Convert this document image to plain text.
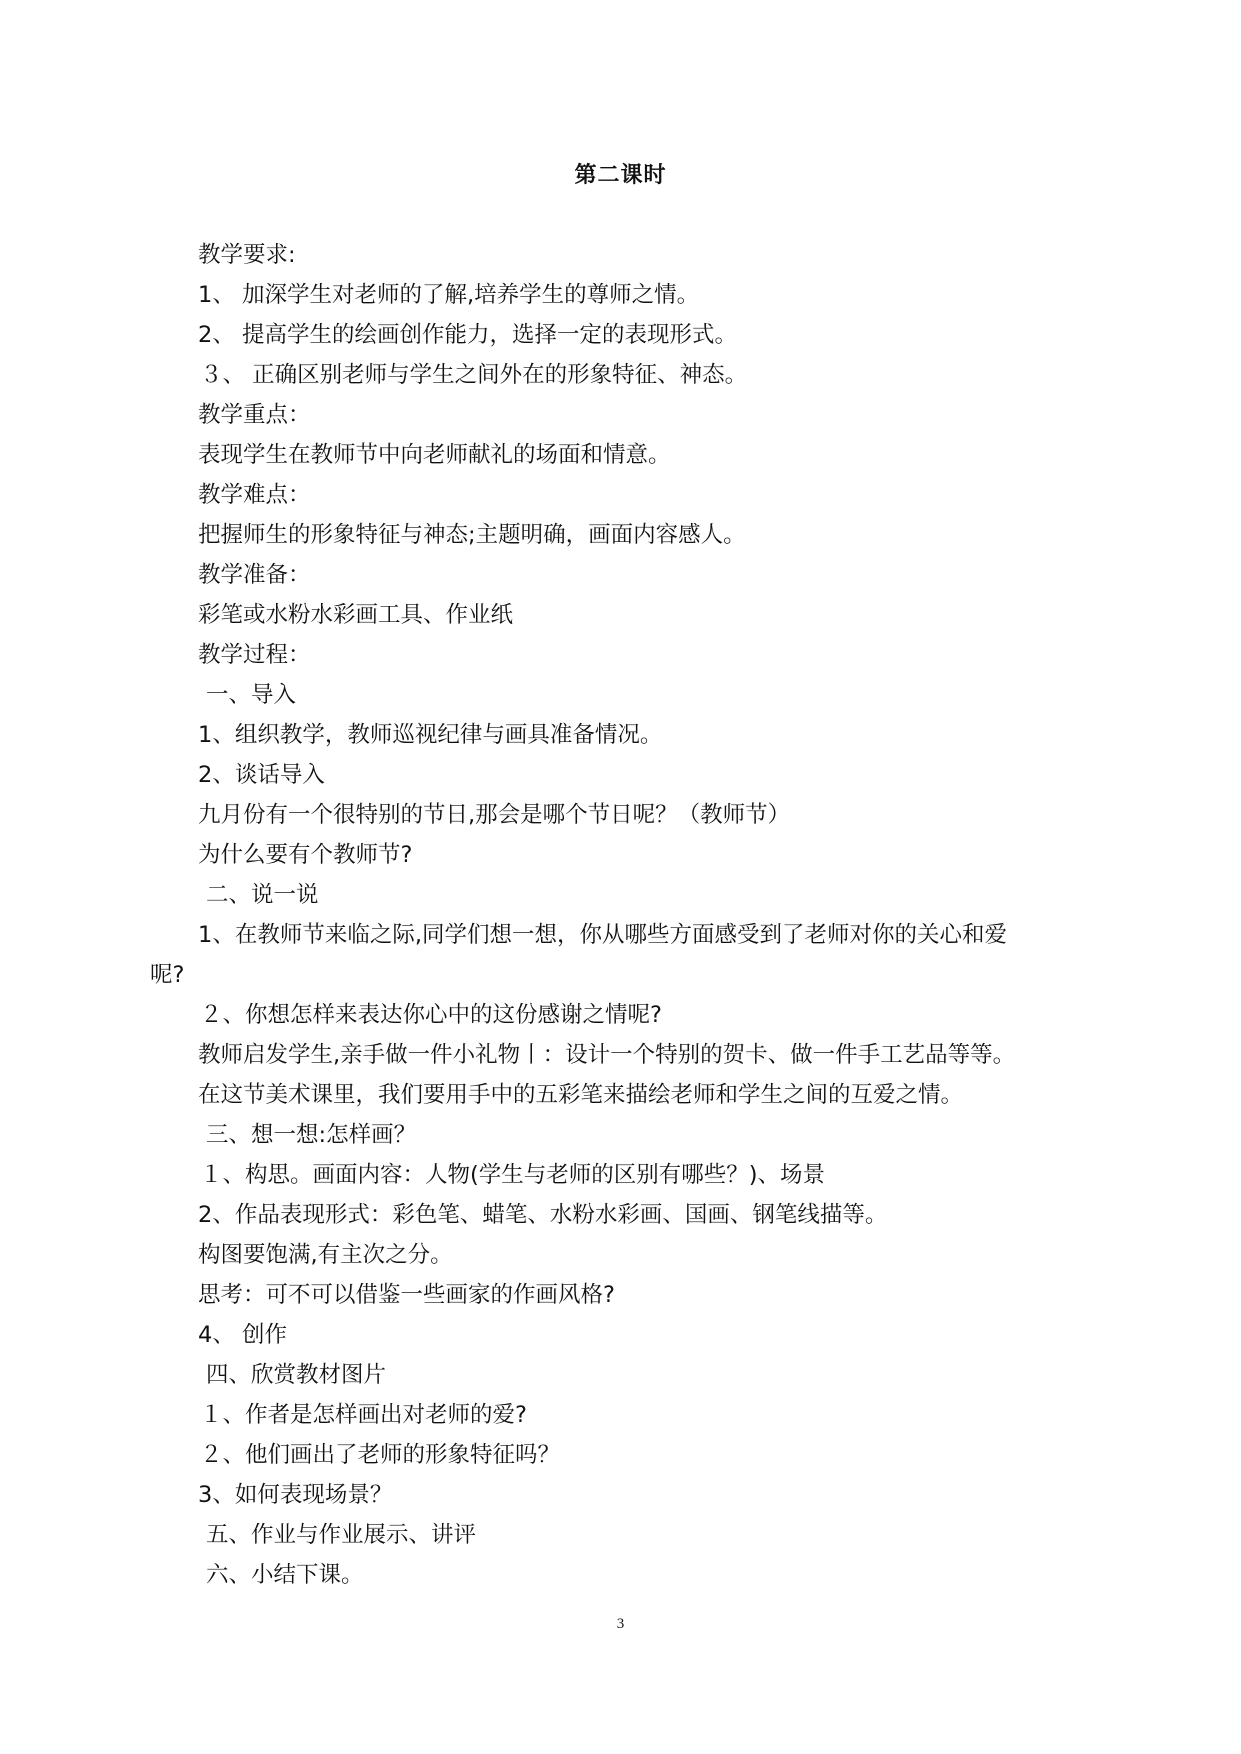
第二课时
教学要求:
1、 加深学生对老师的了解,培养学生的尊师之情。
2、 提高学生的绘画创作能力，选择一定的表现形式。
３、 正确区别老师与学生之间外在的形象特征、神态。
教学重点：
表现学生在教师节中向老师献礼的场面和情意。
教学难点：
把握师生的形象特征与神态;主题明确，画面内容感人。
教学准备：
彩笔或水粉水彩画工具、作业纸
教学过程：
一、导入
1、组织教学，教师巡视纪律与画具准备情况。
2、谈话导入
九月份有一个很特别的节日,那会是哪个节日呢？（教师节）
为什么要有个教师节?
二、说一说
1、在教师节来临之际,同学们想一想，你从哪些方面感受到了老师对你的关心和爱
呢?
２、你想怎样来表达你心中的这份感谢之情呢?
教师启发学生,亲手做一件小礼物丨：设计一个特别的贺卡、做一件手工艺品等等。
在这节美术课里，我们要用手中的五彩笔来描绘老师和学生之间的互爱之情。
三、想一想:怎样画？
１、构思。画面内容：人物(学生与老师的区别有哪些？)、场景
2、作品表现形式：彩色笔、蜡笔、水粉水彩画、国画、钢笔线描等。
构图要饱满,有主次之分。
思考：可不可以借鉴一些画家的作画风格?
4、 创作
四、欣赏教材图片
１、作者是怎样画出对老师的爱?
２、他们画出了老师的形象特征吗？
3、如何表现场景？
五、作业与作业展示、讲评
六、小结下课。
3
